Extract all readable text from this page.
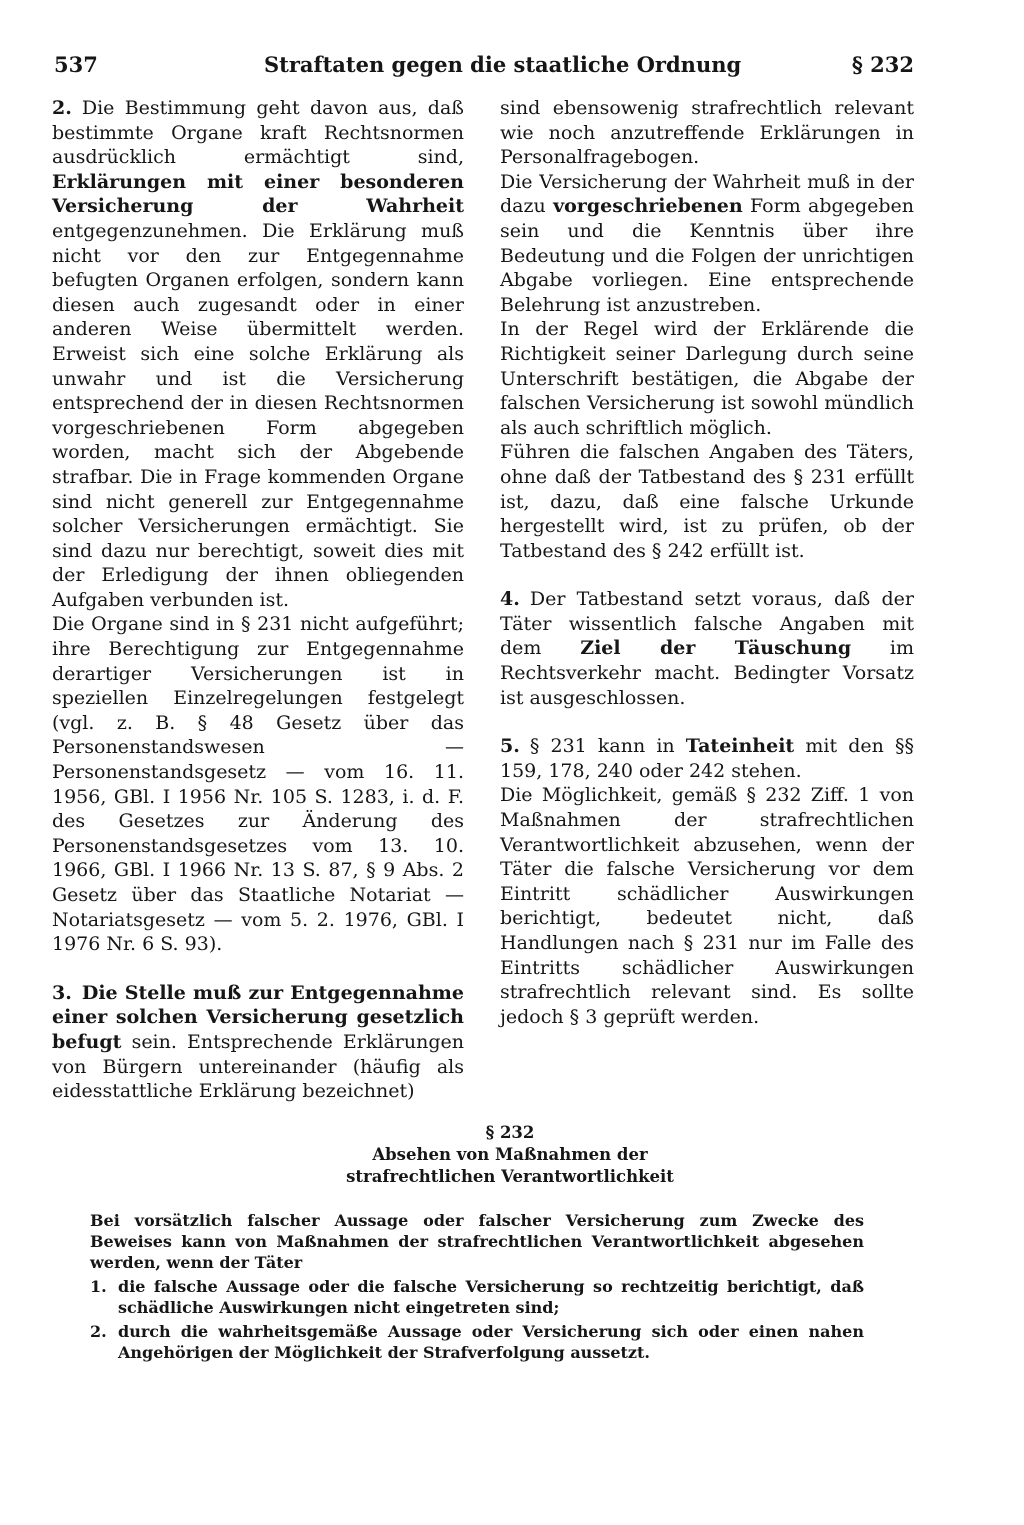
537	Straftaten gegen die staatliche Ordnung	§ 232

2. Die Bestimmung geht davon aus, daß bestimmte Organe kraft Rechtsnormen ausdrücklich ermächtigt sind, Erklärungen mit einer besonderen Versicherung der Wahrheit entgegenzunehmen. Die Erklärung muß nicht vor den zur Entgegennahme befugten Organen erfolgen, sondern kann diesen auch zugesandt oder in einer anderen Weise übermittelt werden. Erweist sich eine solche Erklärung als unwahr und ist die Versicherung entsprechend der in diesen Rechtsnormen vorgeschriebenen Form abgegeben worden, macht sich der Abgebende strafbar. Die in Frage kommenden Organe sind nicht generell zur Entgegennahme solcher Versicherungen ermächtigt. Sie sind dazu nur berechtigt, soweit dies mit der Erledigung der ihnen obliegenden Aufgaben verbunden ist.

Die Organe sind in § 231 nicht aufgeführt; ihre Berechtigung zur Entgegennahme derartiger Versicherungen ist in speziellen Einzelregelungen festgelegt (vgl. z. B. § 48 Gesetz über das Personenstandswesen — Personenstandsgesetz — vom 16. 11. 1956, GBl. I 1956 Nr. 105 S. 1283, i. d. F. des Gesetzes zur Änderung des Personenstandsgesetzes vom 13. 10. 1966, GBl. I 1966 Nr. 13 S. 87, § 9 Abs. 2 Gesetz über das Staatliche Notariat — Notariatsgesetz — vom 5. 2. 1976, GBl. I 1976 Nr. 6 S. 93).

3. Die Stelle muß zur Entgegennahme einer solchen Versicherung gesetzlich befugt sein. Entsprechende Erklärungen von Bürgern untereinander (häufig als eidesstattliche Erklärung bezeichnet)

sind ebensowenig strafrechtlich relevant wie noch anzutreffende Erklärungen in Personalfragebogen.

Die Versicherung der Wahrheit muß in der dazu vorgeschriebenen Form abgegeben sein und die Kenntnis über ihre Bedeutung und die Folgen der unrichtigen Abgabe vorliegen. Eine entsprechende Belehrung ist anzustreben.

In der Regel wird der Erklärende die Richtigkeit seiner Darlegung durch seine Unterschrift bestätigen, die Abgabe der falschen Versicherung ist sowohl mündlich als auch schriftlich möglich.

Führen die falschen Angaben des Täters, ohne daß der Tatbestand des § 231 erfüllt ist, dazu, daß eine falsche Urkunde hergestellt wird, ist zu prüfen, ob der Tatbestand des § 242 erfüllt ist.

4. Der Tatbestand setzt voraus, daß der Täter wissentlich falsche Angaben mit dem Ziel der Täuschung im Rechtsverkehr macht. Bedingter Vorsatz ist ausgeschlossen.

5. § 231 kann in Tateinheit mit den §§ 159, 178, 240 oder 242 stehen.

Die Möglichkeit, gemäß § 232 Ziff. 1 von Maßnahmen der strafrechtlichen Verantwortlichkeit abzusehen, wenn der Täter die falsche Versicherung vor dem Eintritt schädlicher Auswirkungen berichtigt, bedeutet nicht, daß Handlungen nach § 231 nur im Falle des Eintritts schädlicher Auswirkungen strafrechtlich relevant sind. Es sollte jedoch § 3 geprüft werden.

§ 232
Absehen von Maßnahmen der
strafrechtlichen Verantwortlichkeit
Bei vorsätzlich falscher Aussage oder falscher Versicherung zum Zwecke des Beweises kann von Maßnahmen der strafrechtlichen Verantwortlichkeit abgesehen werden, wenn der Täter
1. die falsche Aussage oder die falsche Versicherung so rechtzeitig berichtigt, daß schädliche Auswirkungen nicht eingetreten sind;
2. durch die wahrheitsgemäße Aussage oder Versicherung sich oder einen nahen Angehörigen der Möglichkeit der Strafverfolgung aussetzt.
